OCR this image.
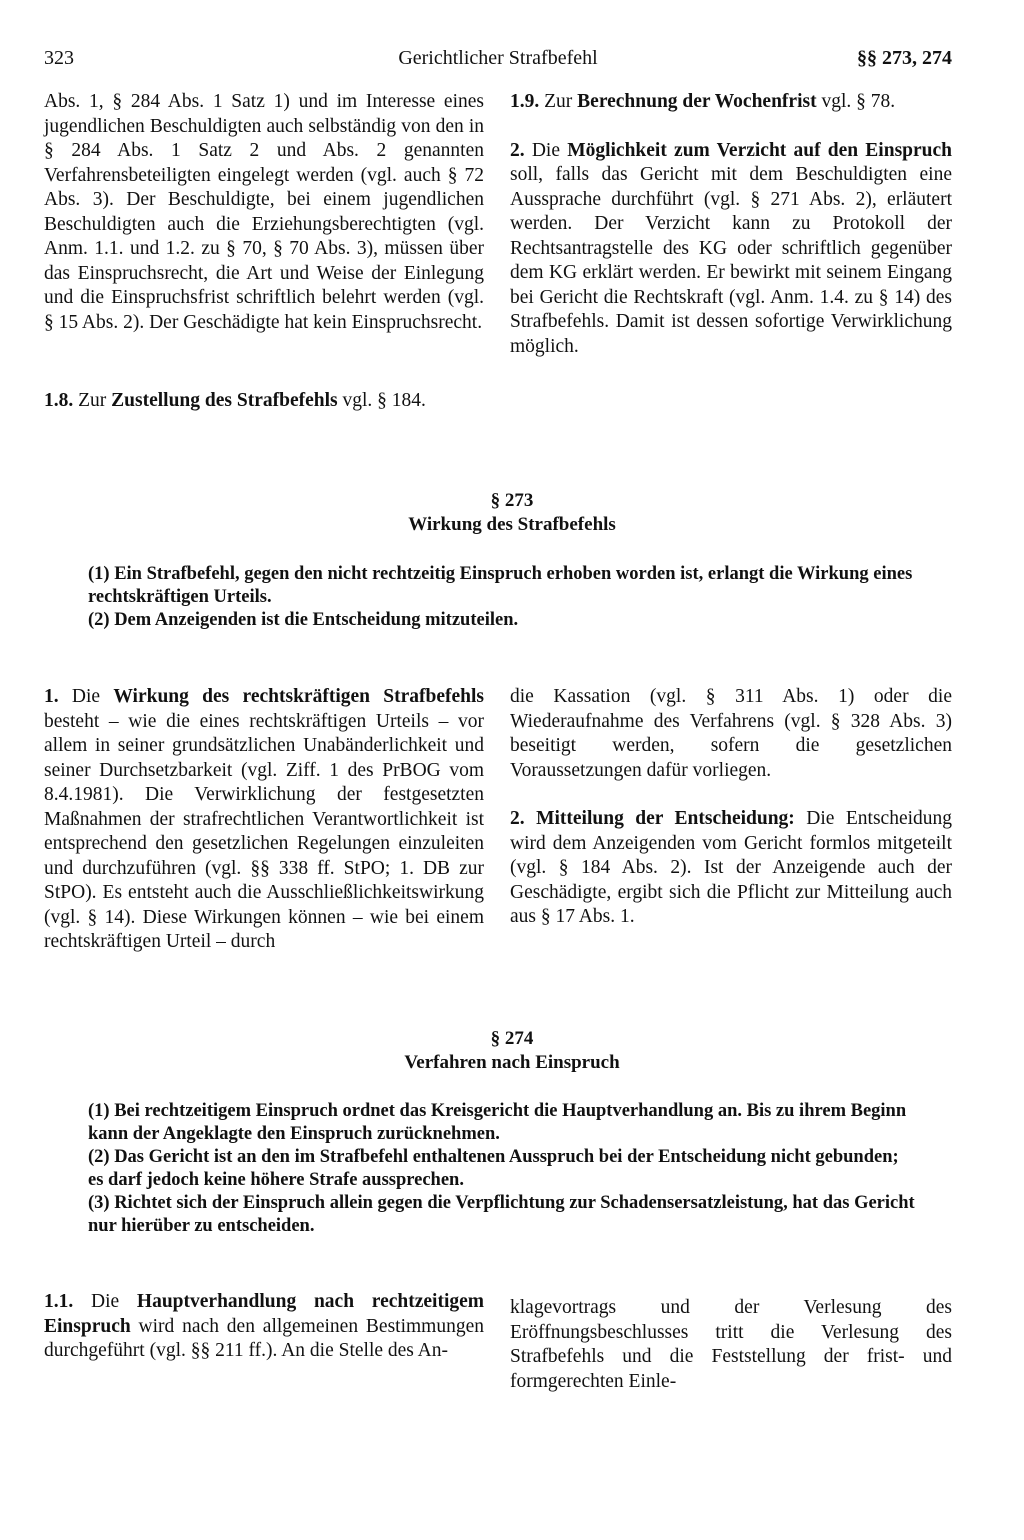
323	Gerichtlicher Strafbefehl	§§ 273, 274

Abs. 1, § 284 Abs. 1 Satz 1) und im Interesse eines jugendlichen Beschuldigten auch selbständig von den in § 284 Abs. 1 Satz 2 und Abs. 2 genannten Verfahrensbeteiligten eingelegt werden (vgl. auch § 72 Abs. 3). Der Beschuldigte, bei einem jugendlichen Beschuldigten auch die Erziehungsberechtigten (vgl. Anm. 1.1. und 1.2. zu § 70, § 70 Abs. 3), müssen über das Einspruchsrecht, die Art und Weise der Einlegung und die Einspruchsfrist schriftlich belehrt werden (vgl. § 15 Abs. 2). Der Geschädigte hat kein Einspruchsrecht.

1.8. Zur Zustellung des Strafbefehls vgl. § 184.

1.9. Zur Berechnung der Wochenfrist vgl. § 78.

2. Die Möglichkeit zum Verzicht auf den Einspruch soll, falls das Gericht mit dem Beschuldigten eine Aussprache durchführt (vgl. § 271 Abs. 2), erläutert werden. Der Verzicht kann zu Protokoll der Rechtsantragstelle des KG oder schriftlich gegenüber dem KG erklärt werden. Er bewirkt mit seinem Eingang bei Gericht die Rechtskraft (vgl. Anm. 1.4. zu § 14) des Strafbefehls. Damit ist dessen sofortige Verwirklichung möglich.

§ 273
Wirkung des Strafbefehls

(1) Ein Strafbefehl, gegen den nicht rechtzeitig Einspruch erhoben worden ist, erlangt die Wirkung eines rechtskräftigen Urteils.

(2) Dem Anzeigenden ist die Entscheidung mitzuteilen.

1. Die Wirkung des rechtskräftigen Strafbefehls besteht – wie die eines rechtskräftigen Urteils – vor allem in seiner grundsätzlichen Unabänderlichkeit und seiner Durchsetzbarkeit (vgl. Ziff. 1 des PrBOG vom 8.4.1981). Die Verwirklichung der festgesetzten Maßnahmen der strafrechtlichen Verantwortlichkeit ist entsprechend den gesetzlichen Regelungen einzuleiten und durchzuführen (vgl. §§ 338 ff. StPO; 1. DB zur StPO). Es entsteht auch die Ausschließlichkeitswirkung (vgl. § 14). Diese Wirkungen können – wie bei einem rechtskräftigen Urteil – durch

die Kassation (vgl. § 311 Abs. 1) oder die Wiederaufnahme des Verfahrens (vgl. § 328 Abs. 3) beseitigt werden, sofern die gesetzlichen Voraussetzungen dafür vorliegen.

2. Mitteilung der Entscheidung: Die Entscheidung wird dem Anzeigenden vom Gericht formlos mitgeteilt (vgl. § 184 Abs. 2). Ist der Anzeigende auch der Geschädigte, ergibt sich die Pflicht zur Mitteilung auch aus § 17 Abs. 1.

§ 274
Verfahren nach Einspruch

(1) Bei rechtzeitigem Einspruch ordnet das Kreisgericht die Hauptverhandlung an. Bis zu ihrem Beginn kann der Angeklagte den Einspruch zurücknehmen.

(2) Das Gericht ist an den im Strafbefehl enthaltenen Ausspruch bei der Entscheidung nicht gebunden; es darf jedoch keine höhere Strafe aussprechen.

(3) Richtet sich der Einspruch allein gegen die Verpflichtung zur Schadensersatzleistung, hat das Gericht nur hierüber zu entscheiden.

1.1. Die Hauptverhandlung nach rechtzeitigem Einspruch wird nach den allgemeinen Bestimmungen durchgeführt (vgl. §§ 211 ff.). An die Stelle des An-

klagevortrags und der Verlesung des Eröffnungsbeschlusses tritt die Verlesung des Strafbefehls und die Feststellung der frist- und formgerechten Einle-
